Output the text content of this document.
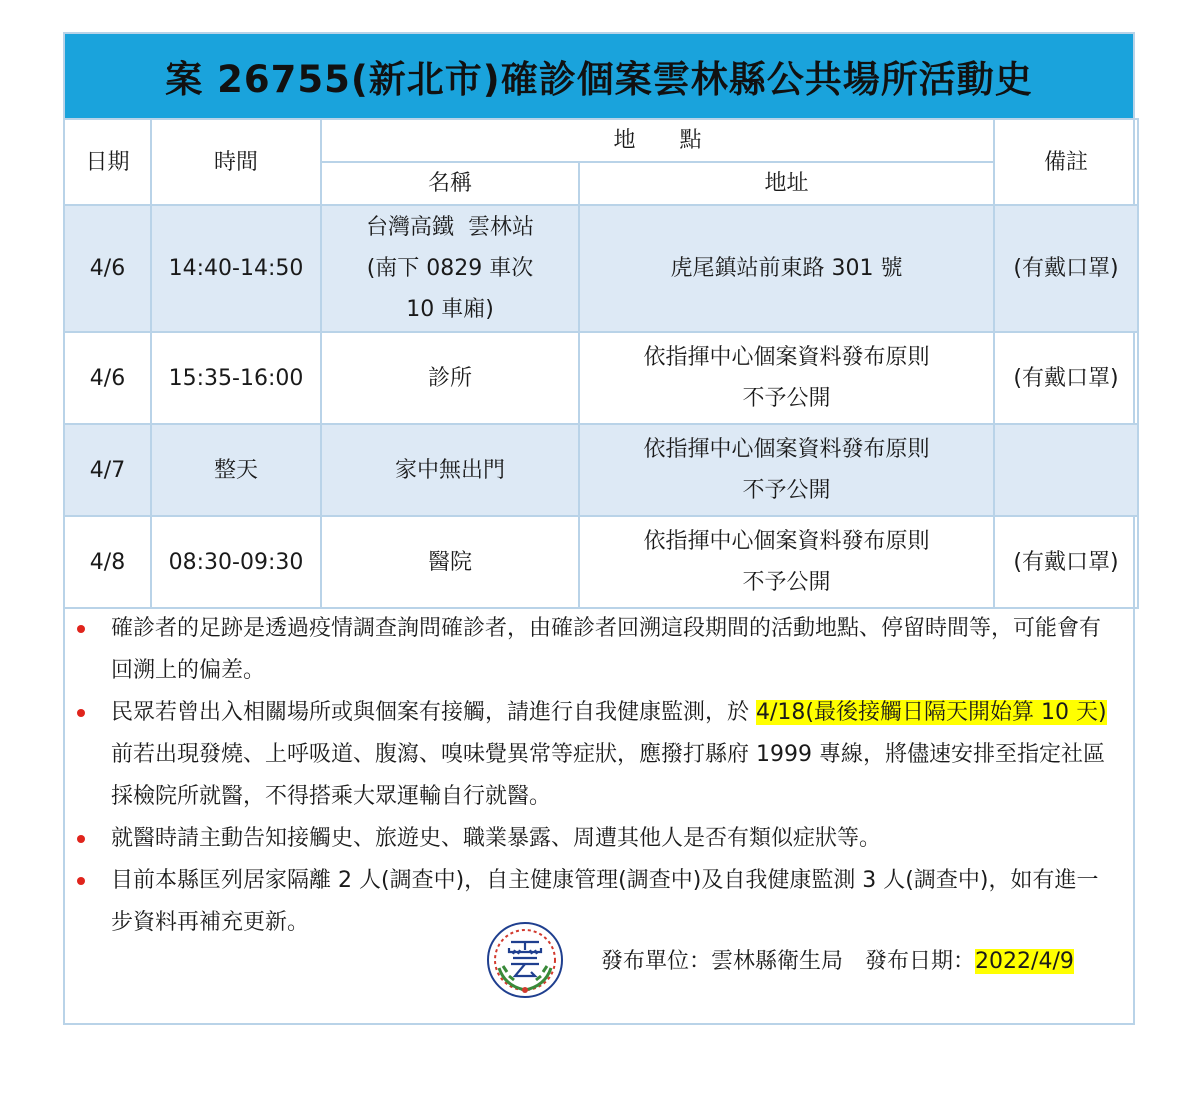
案 26755(新北市)確診個案雲林縣公共場所活動史
日期	時間	地　　點		備註
		名稱	地址	
4/6	14:40-14:50	台灣高鐵  雲林站
(南下 0829 車次
10 車廂)	虎尾鎮站前東路 301 號	(有戴口罩)
4/6	15:35-16:00	診所	依指揮中心個案資料發布原則
不予公開	(有戴口罩)
4/7	整天	家中無出門	依指揮中心個案資料發布原則
不予公開	

4/8	08:30-09:30	醫院	依指揮中心個案資料發布原則
不予公開	(有戴口罩)
確診者的足跡是透過疫情調查詢問確診者，由確診者回溯這段期間的活動地點、停留時間等，可能會有回溯上的偏差。
民眾若曾出入相關場所或與個案有接觸，請進行自我健康監測，於 4/18(最後接觸日隔天開始算 10 天)前若出現發燒、上呼吸道、腹瀉、嗅味覺異常等症狀，應撥打縣府 1999 專線，將儘速安排至指定社區採檢院所就醫，不得搭乘大眾運輸自行就醫。
就醫時請主動告知接觸史、旅遊史、職業暴露、周遭其他人是否有類似症狀等。
目前本縣匡列居家隔離 2 人(調查中)，自主健康管理(調查中)及自我健康監測 3 人(調查中)，如有進一步資料再補充更新。
發布單位：雲林縣衛生局　 發布日期：2022/4/9
